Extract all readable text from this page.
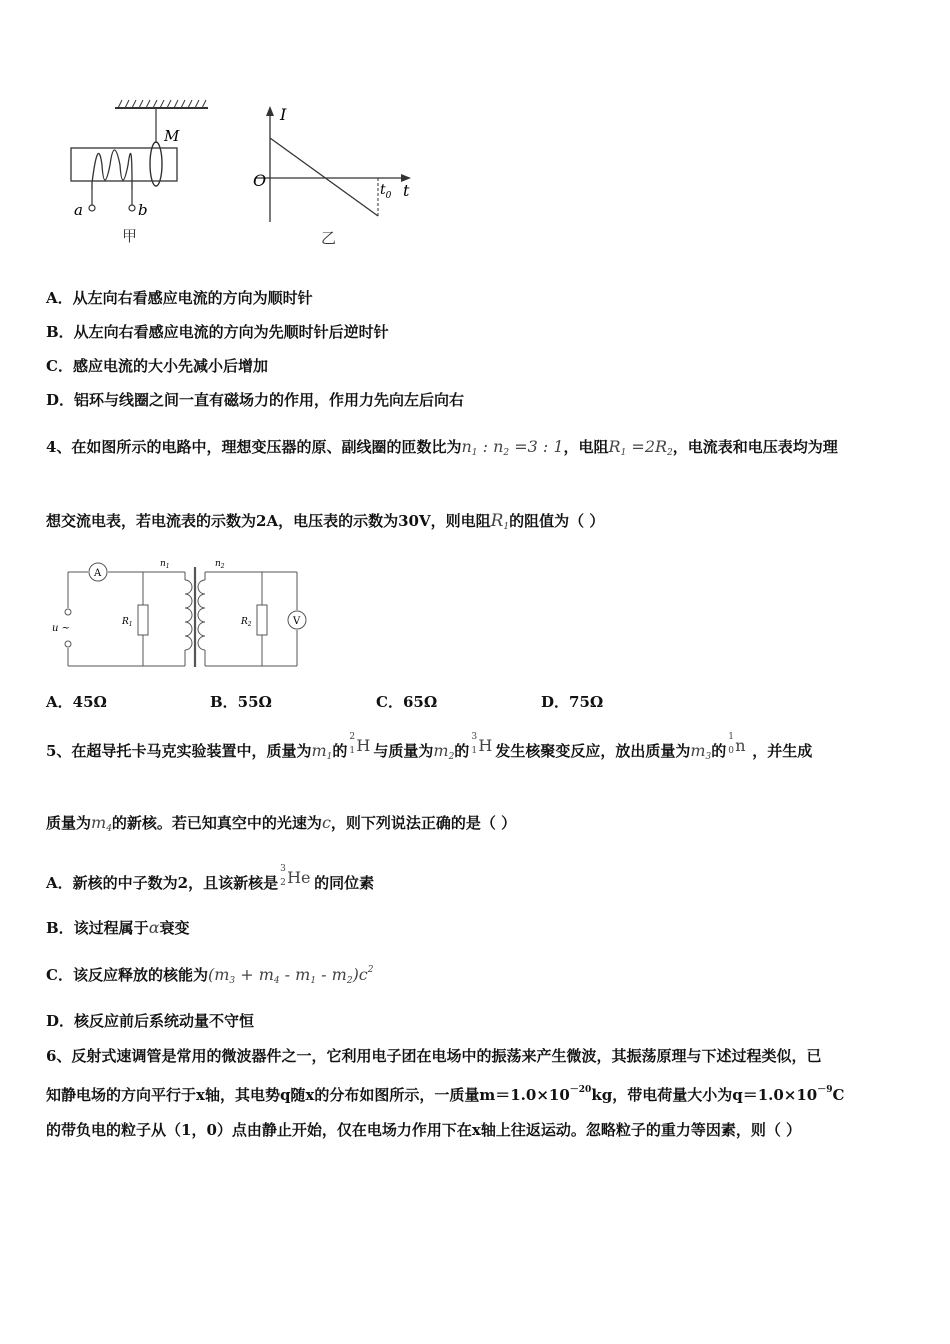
M
a	b
甲
I
O	$t_0$ t
乙
A．从左向右看感应电流的方向为顺时针
B．从左向右看感应电流的方向为先顺时针后逆时针
C．感应电流的大小先减小后增加
D．铝环与线圈之间一直有磁场力的作用，作用力先向左后向右
4、在如图所示的电路中，理想变压器的原、副线圈的匝数比为$n_1$ : $n_2 =3$ : 1，电阻$R_1 =2R_2$，电流表和电压表均为理
想交流电表，若电流表的示数为2A，电压表的示数为30V，则电阻$R_1$的阻值为（ ）
A
V
u ~
$n_1$	$n_2$
$R_1$	$R_2$
A．45Ω	B．55Ω	C．65Ω	D．75Ω
5、在超导托卡马克实验装置中，质量为$m_1$的
2
1 H 与质量为$m_2$的
3
1 H 发生核聚变反应，放出质量为$m_3$的
1
0 n ，并生成
质量为$m_4$的新核。若已知真空中的光速为c，则下列说法正确的是（ ）
A．新核的中子数为2，且该新核是
3
2 He 的同位素
B．该过程属于α衰变
C．该反应释放的核能为$(m_3 + m_4 - m_1 - m_2)c^2$
D．核反应前后系统动量不守恒
6、反射式速调管是常用的微波器件之一，它利用电子团在电场中的振荡来产生微波，其振荡原理与下述过程类似，已
知静电场的方向平行于x轴，其电势q随x的分布如图所示，一质量$m=1.0\times 10^{-20}kg$，带电荷量大小为$q=1.0\times 10^{-9}C$
的带负电的粒子从（1，0）点由静止开始，仅在电场力作用下在x轴上往返运动。忽略粒子的重力等因素，则（ ）
